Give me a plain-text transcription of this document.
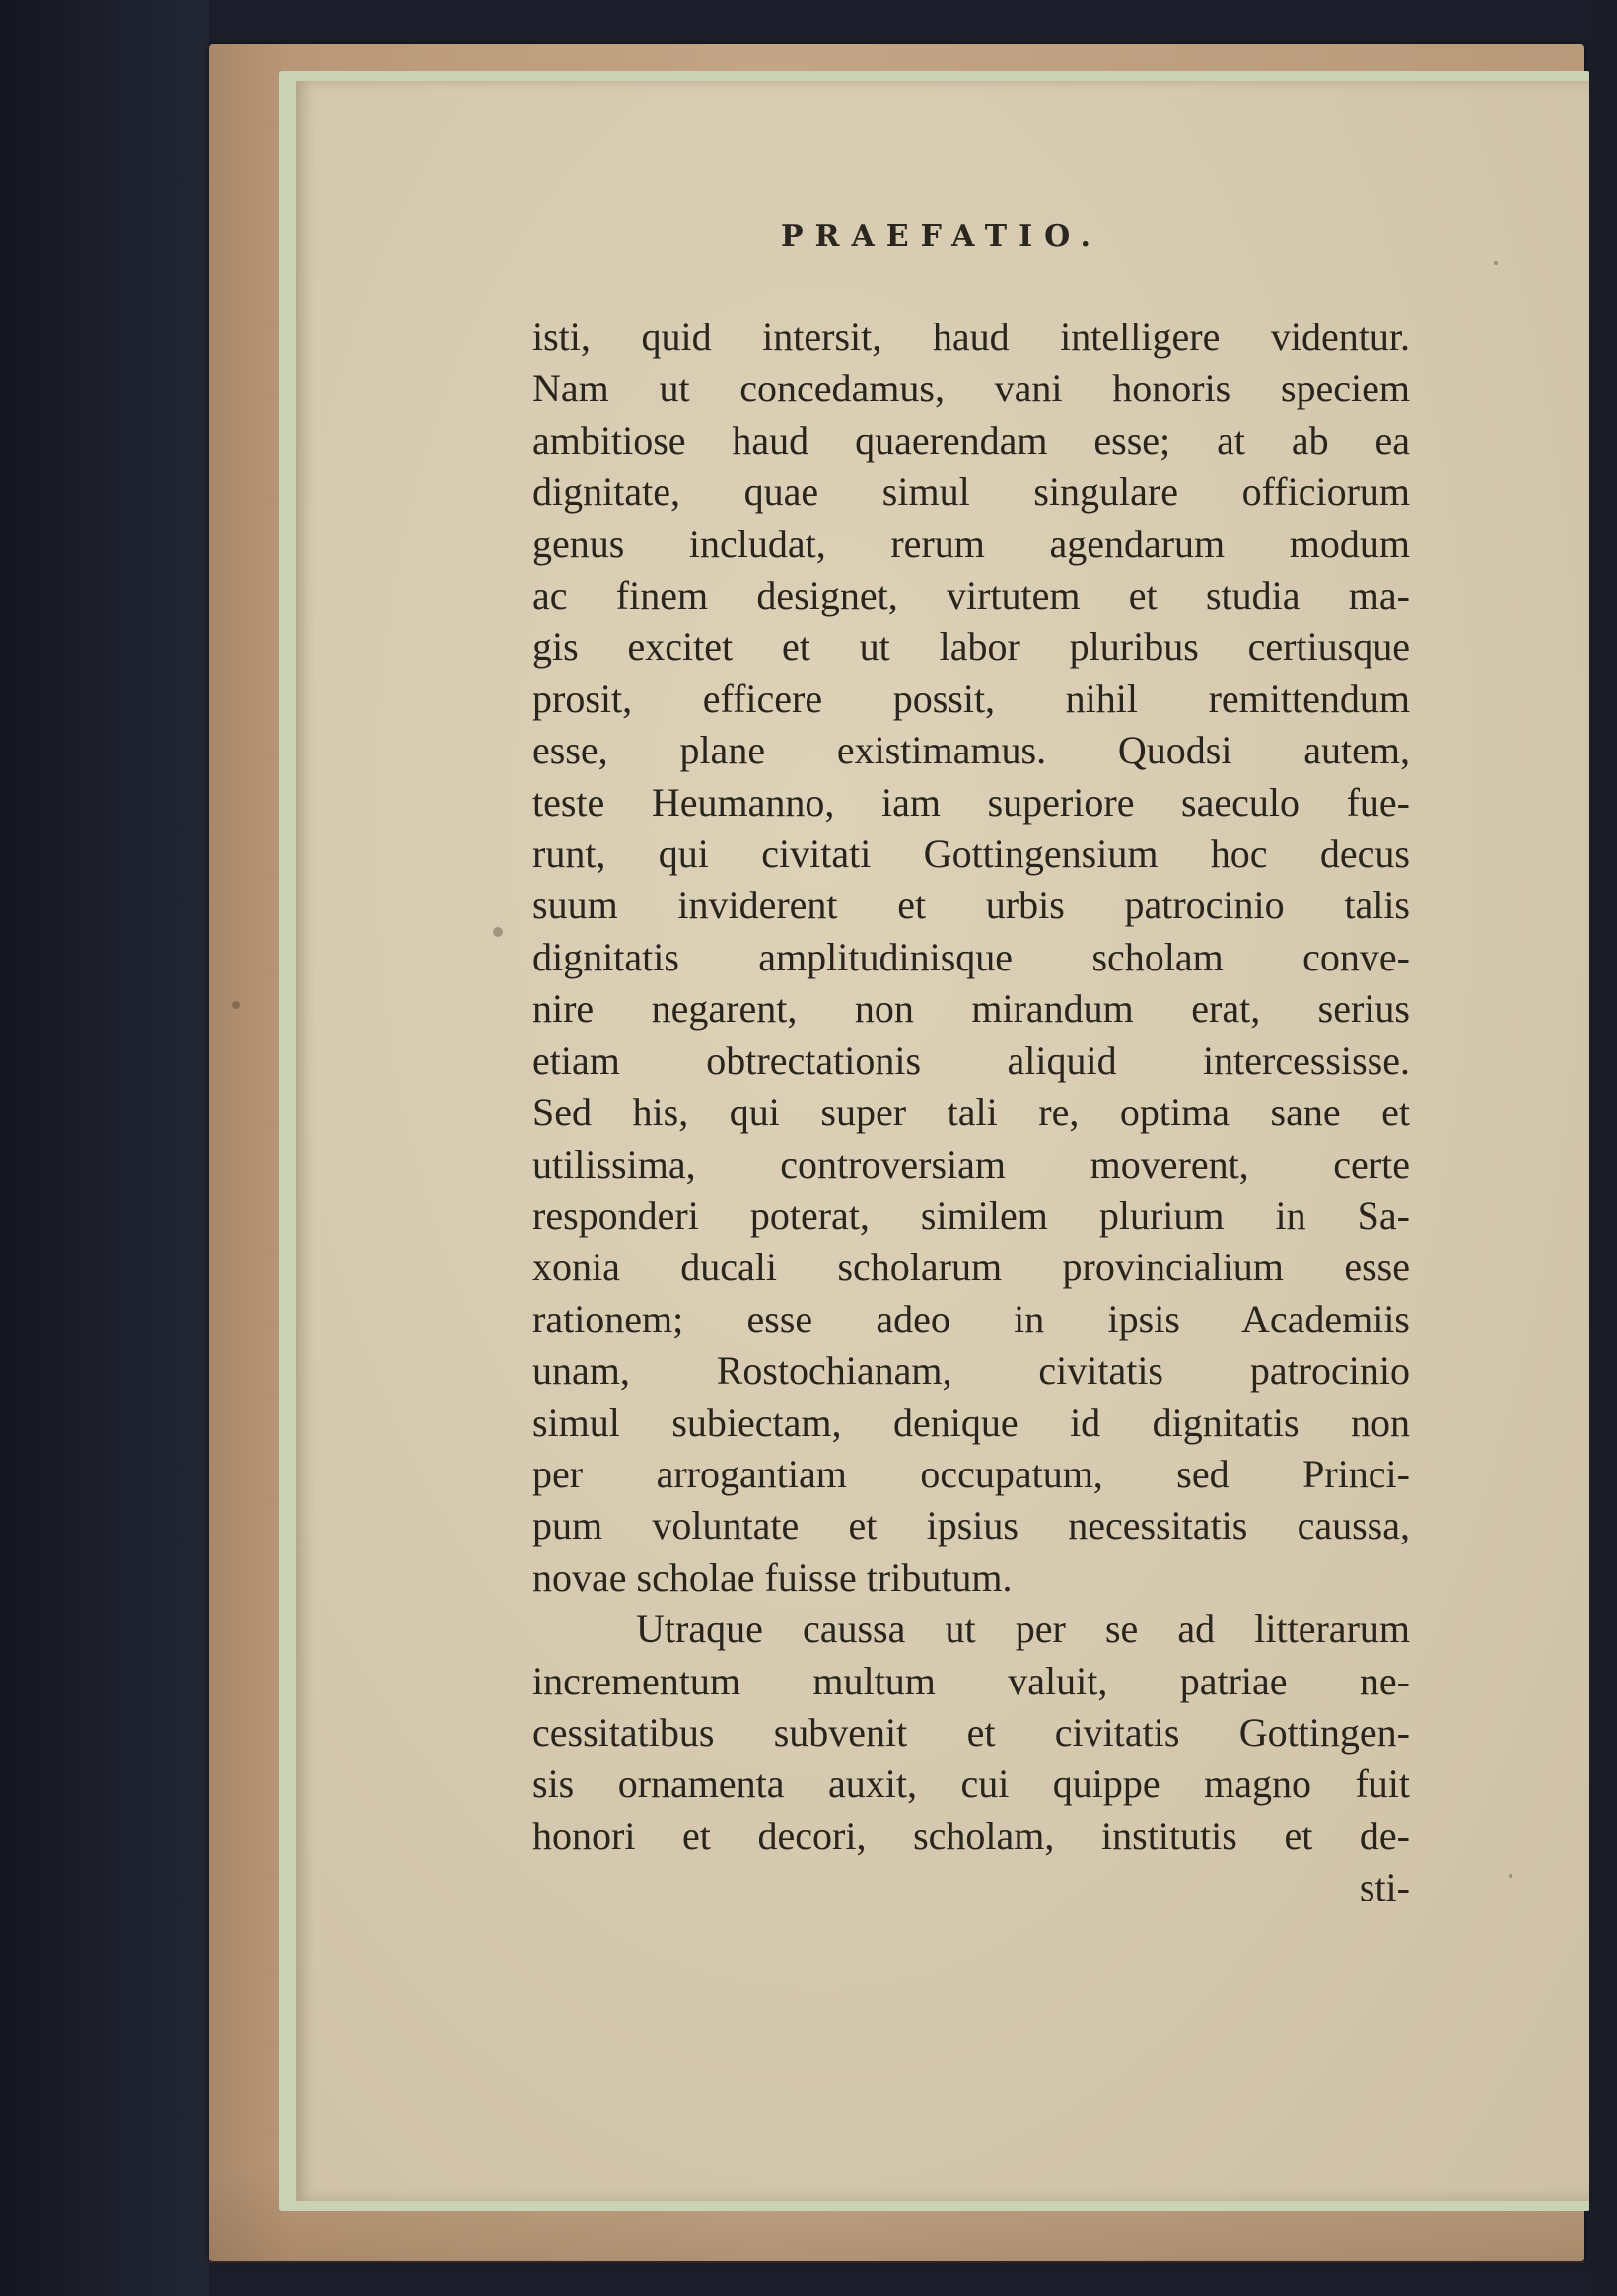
PRAEFATIO.
isti, quid intersit, haud intelligere videntur.
Nam ut concedamus, vani honoris speciem
ambitiose haud quaerendam esse; at ab ea
dignitate, quae simul singulare officiorum
genus includat, rerum agendarum modum
ac finem designet, virtutem et studia ma-
gis excitet et ut labor pluribus certiusque
prosit, efficere possit, nihil remittendum
esse, plane existimamus. Quodsi autem,
teste Heumanno, iam superiore saeculo fue-
runt, qui civitati Gottingensium hoc decus
suum inviderent et urbis patrocinio talis
dignitatis amplitudinisque scholam conve-
nire negarent, non mirandum erat, serius
etiam obtrectationis aliquid intercessisse.
Sed his, qui super tali re, optima sane et
utilissima, controversiam moverent, certe
responderi poterat, similem plurium in Sa-
xonia ducali scholarum provincialium esse
rationem; esse adeo in ipsis Academiis
unam, Rostochianam, civitatis patrocinio
simul subiectam, denique id dignitatis non
per arrogantiam occupatum, sed Princi-
pum voluntate et ipsius necessitatis caussa,
novae scholae fuisse tributum.
Utraque caussa ut per se ad litterarum
incrementum multum valuit, patriae ne-
cessitatibus subvenit et civitatis Gottingen-
sis ornamenta auxit, cui quippe magno fuit
honori et decori, scholam, institutis et de-
sti-
